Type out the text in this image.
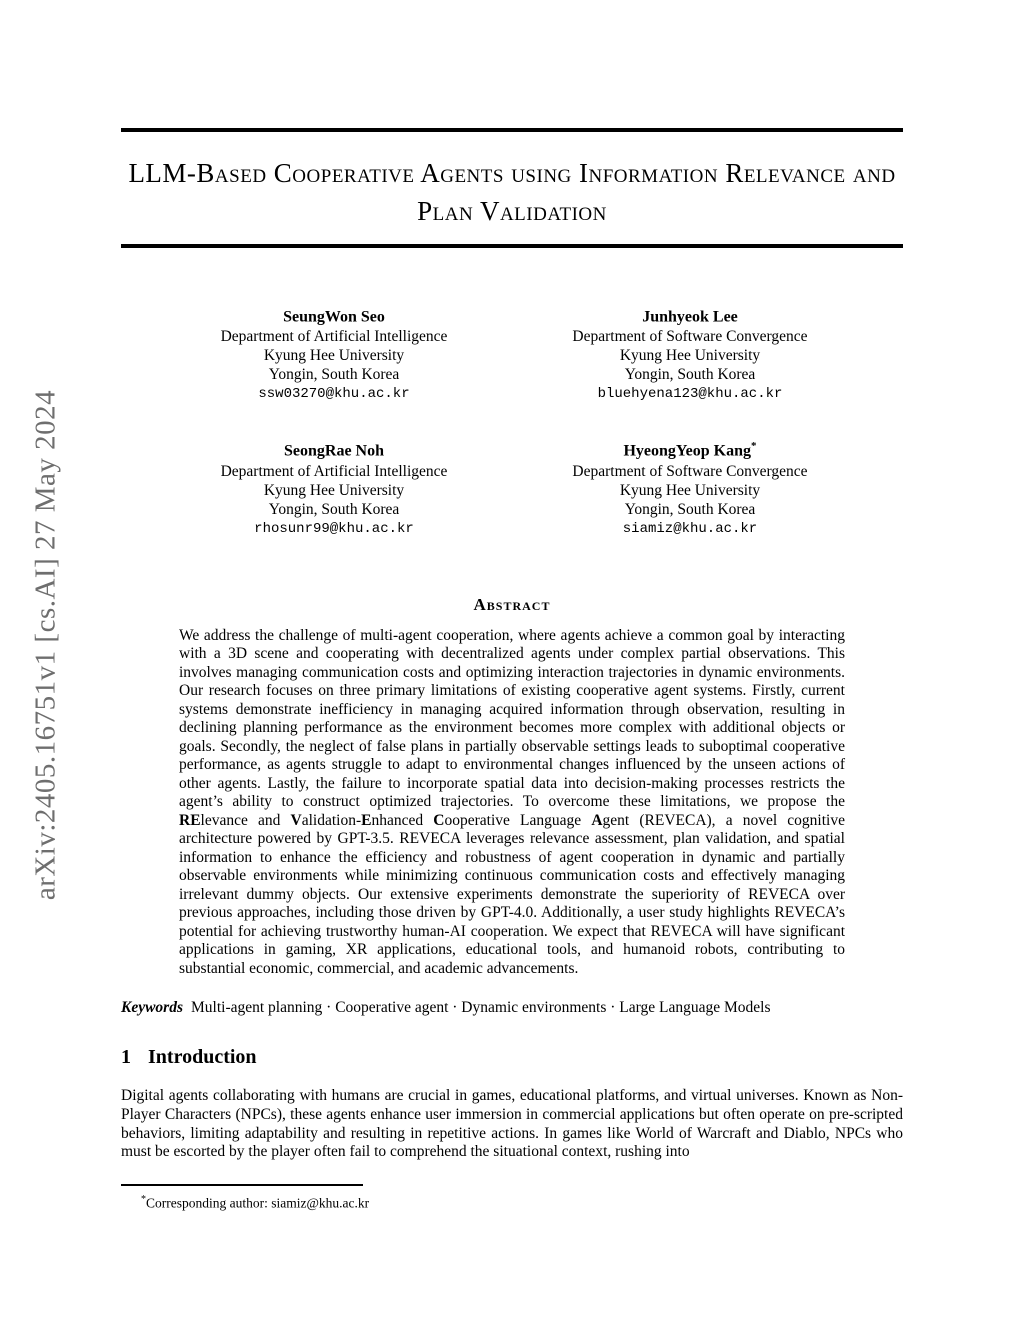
arXiv:2405.16751v1 [cs.AI] 27 May 2024
LLM-Based Cooperative Agents using Information Relevance and Plan Validation
SeungWon Seo
Department of Artificial Intelligence
Kyung Hee University
Yongin, South Korea
ssw03270@khu.ac.kr
Junhyeok Lee
Department of Software Convergence
Kyung Hee University
Yongin, South Korea
bluehyena123@khu.ac.kr
SeongRae Noh
Department of Artificial Intelligence
Kyung Hee University
Yongin, South Korea
rhosunr99@khu.ac.kr
HyeongYeop Kang*
Department of Software Convergence
Kyung Hee University
Yongin, South Korea
siamiz@khu.ac.kr
Abstract

We address the challenge of multi-agent cooperation, where agents achieve a common goal by interacting with a 3D scene and cooperating with decentralized agents under complex partial observations. This involves managing communication costs and optimizing interaction trajectories in dynamic environments. Our research focuses on three primary limitations of existing cooperative agent systems. Firstly, current systems demonstrate inefficiency in managing acquired information through observation, resulting in declining planning performance as the environment becomes more complex with additional objects or goals. Secondly, the neglect of false plans in partially observable settings leads to suboptimal cooperative performance, as agents struggle to adapt to environmental changes influenced by the unseen actions of other agents. Lastly, the failure to incorporate spatial data into decision-making processes restricts the agent’s ability to construct optimized trajectories. To overcome these limitations, we propose the RElevance and Validation-Enhanced Cooperative Language Agent (REVECA), a novel cognitive architecture powered by GPT-3.5. REVECA leverages relevance assessment, plan validation, and spatial information to enhance the efficiency and robustness of agent cooperation in dynamic and partially observable environments while minimizing continuous communication costs and effectively managing irrelevant dummy objects. Our extensive experiments demonstrate the superiority of REVECA over previous approaches, including those driven by GPT-4.0. Additionally, a user study highlights REVECA’s potential for achieving trustworthy human-AI cooperation. We expect that REVECA will have significant applications in gaming, XR applications, educational tools, and humanoid robots, contributing to substantial economic, commercial, and academic advancements.

Keywords Multi-agent planning · Cooperative agent · Dynamic environments · Large Language Models

1 Introduction

Digital agents collaborating with humans are crucial in games, educational platforms, and virtual universes. Known as Non-Player Characters (NPCs), these agents enhance user immersion in commercial applications but often operate on pre-scripted behaviors, limiting adaptability and resulting in repetitive actions. In games like World of Warcraft and Diablo, NPCs who must be escorted by the player often fail to comprehend the situational context, rushing into

*Corresponding author: siamiz@khu.ac.kr
